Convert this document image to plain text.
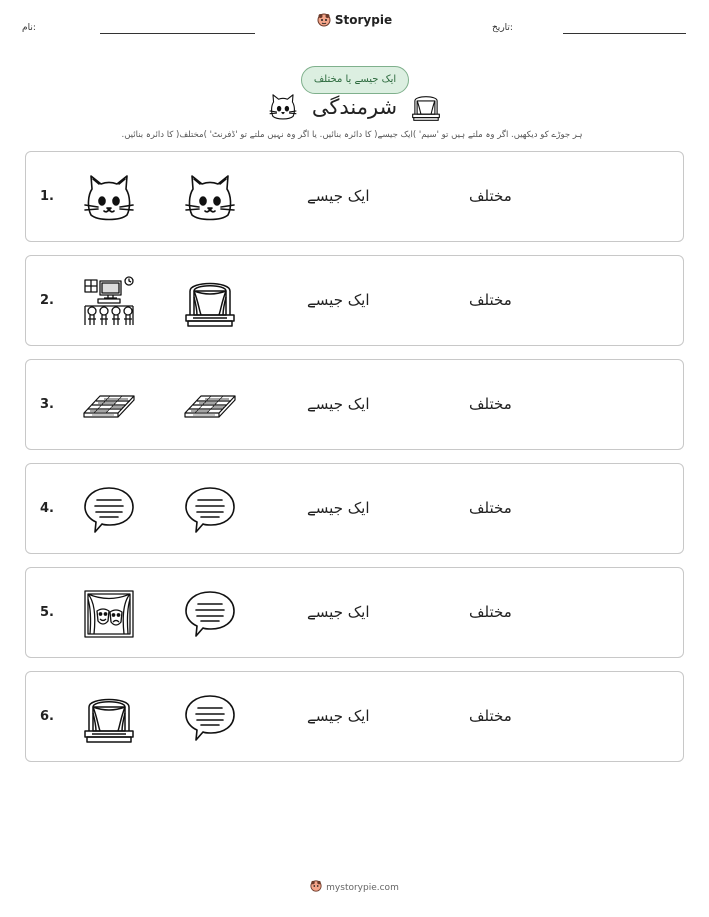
نام:
Storypie
تاریخ:
ایک جیسے یا مختلف
شرمندگی
ہر جوڑے کو دیکھیں. اگر وہ ملتے ہیں تو 'سیم' )ایک جیسے( کا دائرہ بنائیں. یا اگر وہ نہیں ملتے تو 'ڈفرنٹ' )مختلف( کا دائرہ بنائیں.
1.	ایک جیسے	مختلف
2.	ایک جیسے	مختلف
3.	ایک جیسے	مختلف
4.	ایک جیسے	مختلف
5.	ایک جیسے	مختلف
6.	ایک جیسے	مختلف
mystorypie.com
